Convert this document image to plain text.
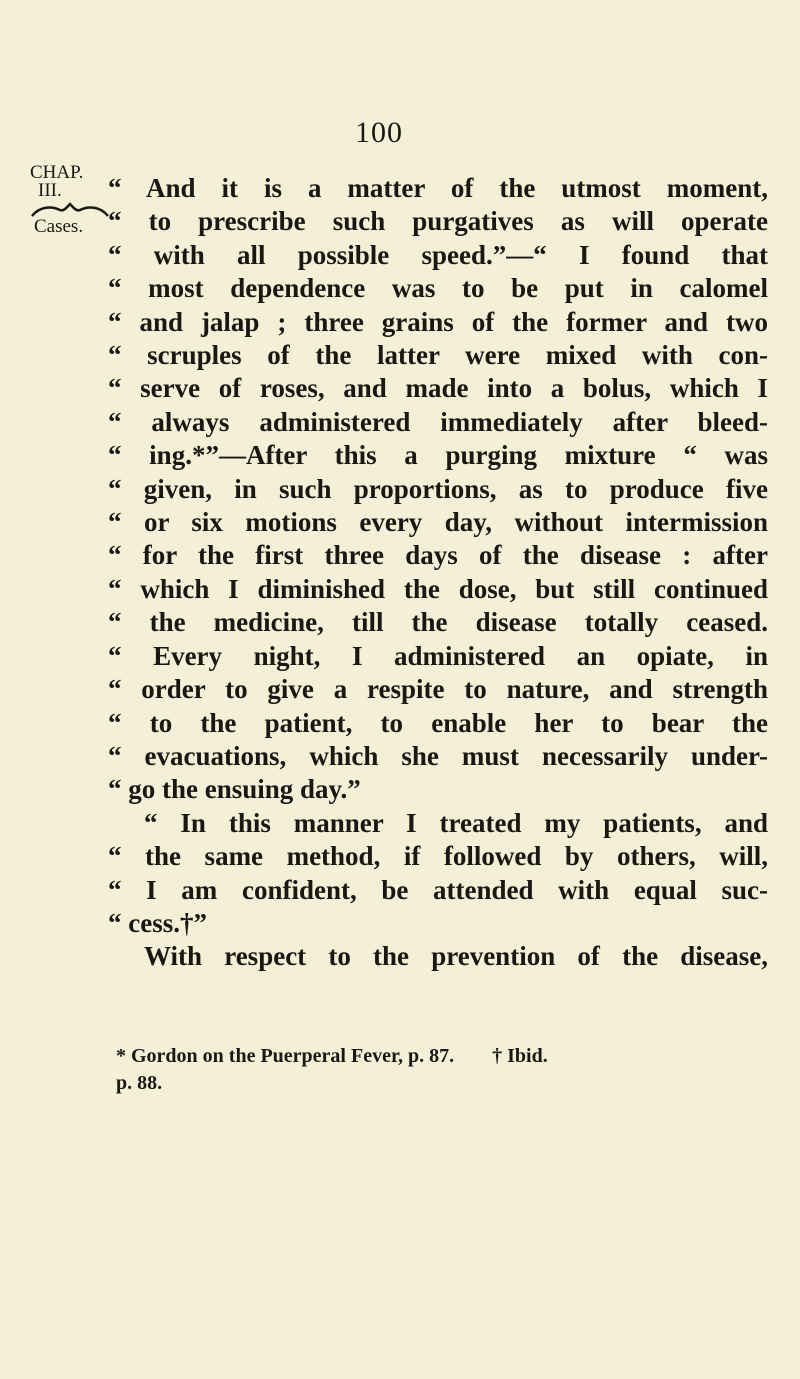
100
CHAP.
III.
Cases.
“ And it is a matter of the utmost moment,
“ to prescribe such purgatives as will operate
“ with all possible speed.”—“ I found that
“ most dependence was to be put in calomel
“ and jalap ; three grains of the former and two
“ scruples of the latter were mixed with con-
“ serve of roses, and made into a bolus, which I
“ always administered immediately after bleed-
“ ing.*”—After this a purging mixture “ was
“ given, in such proportions, as to produce five
“ or six motions every day, without intermission
“ for the first three days of the disease : after
“ which I diminished the dose, but still continued
“ the medicine, till the disease totally ceased.
“ Every night, I administered an opiate, in
“ order to give a respite to nature, and strength
“ to the patient, to enable her to bear the
“ evacuations, which she must necessarily under-
“ go the ensuing day.”
“ In this manner I treated my patients, and
“ the same method, if followed by others, will,
“ I am confident, be attended with equal suc-
“ cess.†”
With respect to the prevention of the disease,
* Gordon on the Puerperal Fever, p. 87. † Ibid.
p. 88.
